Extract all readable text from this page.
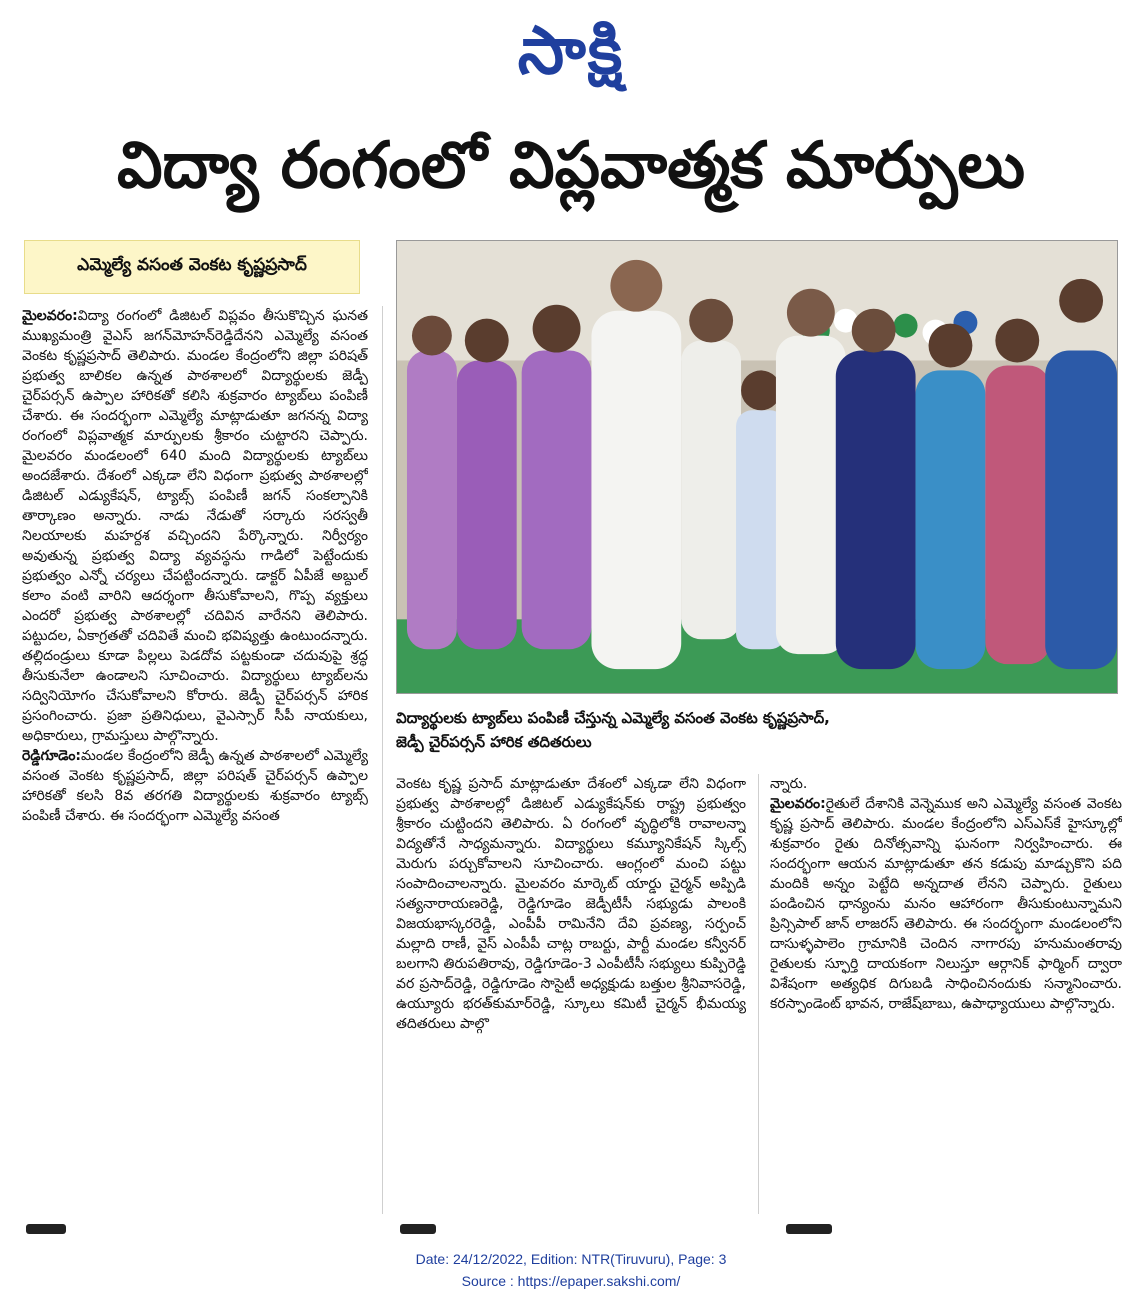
సాక్షి
విద్యా రంగంలో విప్లవాత్మక మార్పులు
ఎమ్మెల్యే వసంత వెంకట కృష్ణప్రసాద్

మైలవరం:విద్యా రంగంలో డిజిటల్ విప్లవం తీసుకొచ్చిన ఘనత ముఖ్యమంత్రి వైఎస్ జగన్‌మోహన్‌రెడ్డిదేనని ఎమ్మెల్యే వసంత వెంకట కృష్ణప్రసాద్ తెలిపారు. మండల కేంద్రంలోని జిల్లా పరిషత్ ప్రభుత్వ బాలికల ఉన్నత పాఠశాలలో విద్యార్థులకు జెడ్పీ చైర్‌పర్సన్ ఉప్పాల హారికతో కలిసి శుక్రవారం ట్యాబ్‌లు పంపిణీ చేశారు. ఈ సందర్భంగా ఎమ్మెల్యే మాట్లాడుతూ జగనన్న విద్యా రంగంలో విప్లవాత్మక మార్పులకు శ్రీకారం చుట్టారని చెప్పారు. మైలవరం మండలంలో 640 మంది విద్యార్థులకు ట్యాబ్‌లు అందజేశారు. దేశంలో ఎక్కడా లేని విధంగా ప్రభుత్వ పాఠశాలల్లో డిజిటల్ ఎడ్యుకేషన్, ట్యాబ్స్ పంపిణీ జగన్ సంకల్పానికి తార్కాణం అన్నారు. నాడు నేడుతో సర్కారు సరస్వతీ నిలయాలకు మహర్దశ వచ్చిందని పేర్కొన్నారు. నిర్వీర్యం అవుతున్న ప్రభుత్వ విద్యా వ్యవస్థను గాడిలో పెట్టేందుకు ప్రభుత్వం ఎన్నో చర్యలు చేపట్టిందన్నారు. డాక్టర్ ఏపీజే అబ్దుల్ కలాం వంటి వారిని ఆదర్శంగా తీసుకోవాలని, గొప్ప వ్యక్తులు ఎందరో ప్రభుత్వ పాఠశాలల్లో చదివిన వారేనని తెలిపారు. పట్టుదల, ఏకాగ్రతతో చదివితే మంచి భవిష్యత్తు ఉంటుందన్నారు. తల్లిదండ్రులు కూడా పిల్లలు పెడదోవ పట్టకుండా చదువుపై శ్రద్ధ తీసుకునేలా ఉండాలని సూచించారు. విద్యార్థులు ట్యాబ్‌లను సద్వినియోగం చేసుకోవాలని కోరారు. జెడ్పీ చైర్‌పర్సన్ హారిక ప్రసంగించారు. ప్రజా ప్రతినిధులు, వైఎస్సార్ సీపీ నాయకులు, అధికారులు, గ్రామస్తులు పాల్గొన్నారు.

రెడ్డిగూడెం:మండల కేంద్రంలోని జెడ్పీ ఉన్నత పాఠశాలలో ఎమ్మెల్యే వసంత వెంకట కృష్ణప్రసాద్, జిల్లా పరిషత్ చైర్‌పర్సన్ ఉప్పాల హారికతో కలసి 8వ తరగతి విద్యార్థులకు శుక్రవారం ట్యాబ్స్ పంపిణీ చేశారు. ఈ సందర్భంగా ఎమ్మెల్యే వసంత

విద్యార్థులకు ట్యాబ్‌లు పంపిణీ చేస్తున్న ఎమ్మెల్యే వసంత వెంకట కృష్ణప్రసాద్,

జెడ్పీ చైర్‌పర్సన్‌ హారిక తదితరులు

వెంకట కృష్ణ ప్రసాద్ మాట్లాడుతూ దేశంలో ఎక్కడా లేని విధంగా ప్రభుత్వ పాఠశాలల్లో డిజిటల్ ఎడ్యుకేషన్‌కు రాష్ట్ర ప్రభుత్వం శ్రీకారం చుట్టిందని తెలిపారు. ఏ రంగంలో వృద్ధిలోకి రావాలన్నా విద్యతోనే సాధ్యమన్నారు. విద్యార్థులు కమ్యూనికేషన్ స్కిల్స్ మెరుగు పర్చుకోవాలని సూచించారు. ఆంగ్లంలో మంచి పట్టు సంపాదించాలన్నారు. మైలవరం మార్కెట్ యార్డు చైర్మన్ అప్పిడి సత్యనారాయణరెడ్డి, రెడ్డిగూడెం జెడ్పీటీసీ సభ్యుడు పాలంకి విజయభాస్కరరెడ్డి, ఎంపీపీ రామినేని దేవి ప్రవణ్య, సర్పంచ్ మల్లాది రాణీ, వైస్ ఎంపీపీ చాట్ల రాబర్టు, పార్టీ మండల కన్వీనర్ బలగాని తిరుపతిరావు, రెడ్డిగూడెం-3 ఎంపీటీసీ సభ్యులు కుప్పిరెడ్డి వర ప్రసాద్‌రెడ్డి, రెడ్డిగూడెం సొసైటీ అధ్యక్షుడు బత్తుల శ్రీనివాసరెడ్డి, ఉయ్యూరు భరత్‌కుమార్‌రెడ్డి, స్కూలు కమిటీ చైర్మన్ భీమయ్య తదితరులు పాల్గొ

న్నారు.

మైలవరం:రైతులే దేశానికి వెన్నెముక అని ఎమ్మెల్యే వసంత వెంకట కృష్ణ ప్రసాద్ తెలిపారు. మండల కేంద్రంలోని ఎస్‌ఎస్‌కే హైస్కూల్లో శుక్రవారం రైతు దినోత్సవాన్ని ఘనంగా నిర్వహించారు. ఈ సందర్భంగా ఆయన మాట్లాడుతూ తన కడుపు మాడ్చుకొని పది మందికి అన్నం పెట్టేది అన్నదాత లేనని చెప్పారు. రైతులు పండించిన ధాన్యంను మనం ఆహారంగా తీసుకుంటున్నామని ప్రిన్సిపాల్ జాన్ లాజరస్ తెలిపారు. ఈ సందర్భంగా మండలంలోని దాసుళ్ళపాలెం గ్రామానికి చెందిన నాగారపు హనుమంతరావు రైతులకు స్ఫూర్తి దాయకంగా నిలుస్తూ ఆర్గానిక్ ఫార్మింగ్ ద్వారా విశేషంగా అత్యధిక దిగుబడి సాధించినందుకు సన్మానించారు. కరస్పాండెంట్ భావన, రాజేష్‌బాబు, ఉపాధ్యాయులు పాల్గొన్నారు.

Date: 24/12/2022, Edition: NTR(Tiruvuru), Page: 3

Source : https://epaper.sakshi.com/
